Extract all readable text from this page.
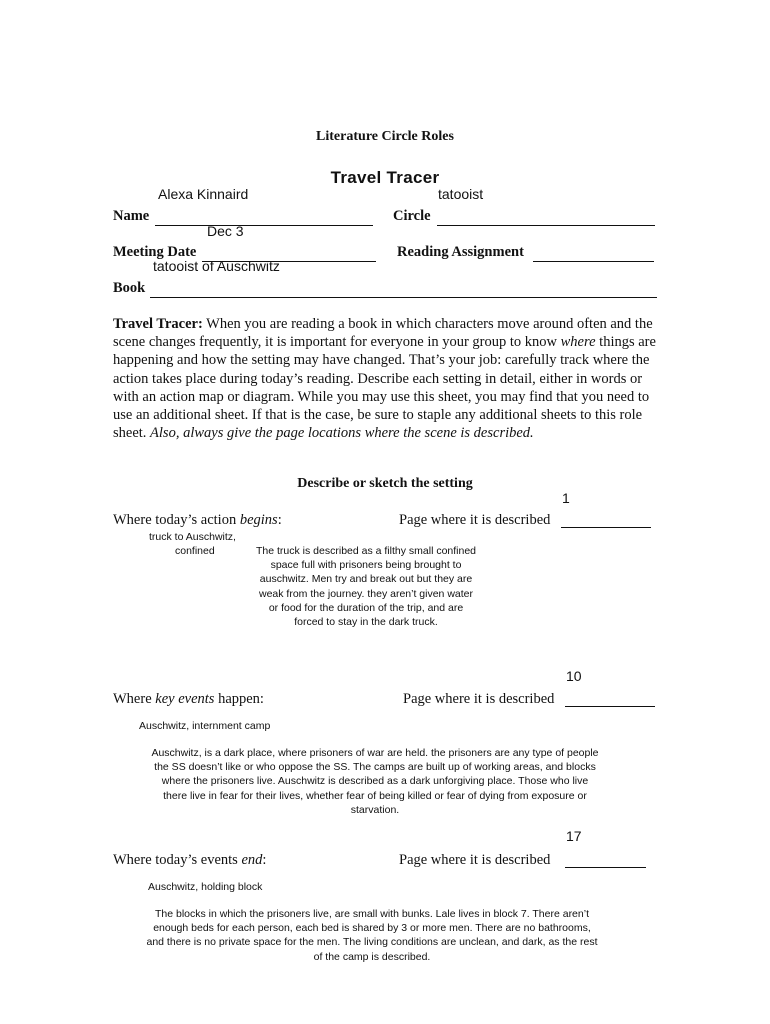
Literature Circle Roles
Travel Tracer
Alexa Kinnaird
Name
tatooist
Circle
Dec 3
Meeting Date	Reading Assignment
tatooist of Auschwitz
Book
Travel Tracer: When you are reading a book in which characters move around often and the scene changes frequently, it is important for everyone in your group to know where things are happening and how the setting may have changed. That’s your job: carefully track where the action takes place during today’s reading. Describe each setting in detail, either in words or with an action map or diagram. While you may use this sheet, you may find that you need to use an additional sheet. If that is the case, be sure to staple any additional sheets to this role sheet. Also, always give the page locations where the scene is described.
Describe or sketch the setting
1
Where today’s action begins:	Page where it is described
truck to Auschwitz,
confined	The truck is described as a filthy small confined space full with prisoners being brought to auschwitz. Men try and break out but they are weak from the journey. they aren’t given water or food for the duration of the trip, and are forced to stay in the dark truck.
10
Where key events happen:	Page where it is described
Auschwitz, internment camp
Auschwitz, is a dark place, where prisoners of war are held. the prisoners are any type of people the SS doesn’t like or who oppose the SS. The camps are built up of working areas, and blocks where the prisoners live. Auschwitz is described as a dark unforgiving place. Those who live there live in fear for their lives, whether fear of being killed or fear of dying from exposure or starvation.
17
Where today’s events end:	Page where it is described
Auschwitz, holding block
The blocks in which the prisoners live, are small with bunks. Lale lives in block 7. There aren’t enough beds for each person, each bed is shared by 3 or more men. There are no bathrooms, and there is no private space for the men. The living conditions are unclean, and dark, as the rest of the camp is described.
